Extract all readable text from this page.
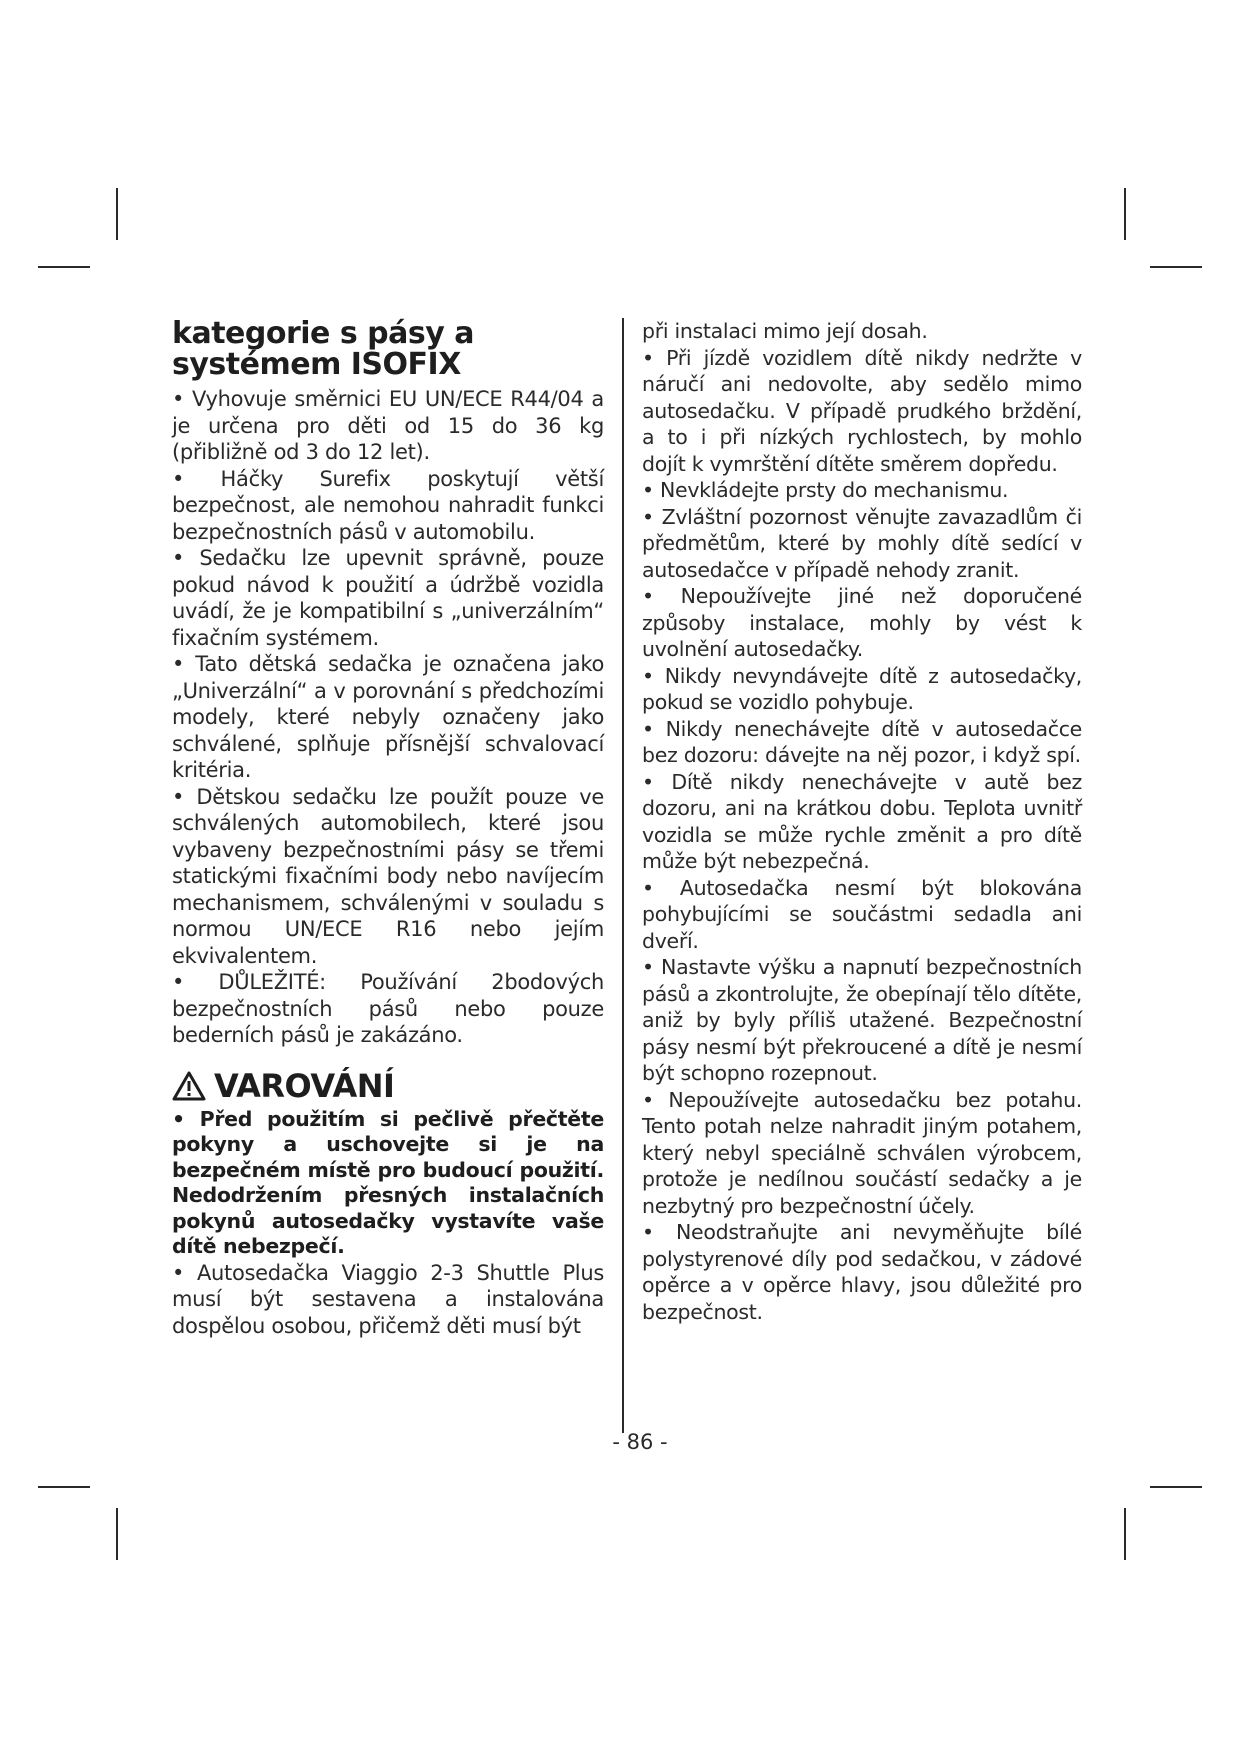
kategorie s pásy a systémem ISOFIX

• Vyhovuje směrnici EU UN/ECE R44/04 a je určena pro děti od 15 do 36 kg (přibližně od 3 do 12 let).

• Háčky Surefix poskytují větší bezpečnost, ale nemohou nahradit funkci bezpečnostních pásů v automobilu.

• Sedačku lze upevnit správně, pouze pokud návod k použití a údržbě vozidla uvádí, že je kompatibilní s „univerzálním“ fixačním systémem.

• Tato dětská sedačka je označena jako „Univerzální“ a v porovnání s předchozími modely, které nebyly označeny jako schválené, splňuje přísnější schvalovací kritéria.

• Dětskou sedačku lze použít pouze ve schválených automobilech, které jsou vybaveny bezpečnostními pásy se třemi statickými fixačními body nebo navíjecím mechanismem, schválenými v souladu s normou UN/ECE R16 nebo jejím ekvivalentem.

• DŮLEŽITÉ: Používání 2bodových bezpečnostních pásů nebo pouze bederních pásů je zakázáno.

VAROVÁNÍ

• Před použitím si pečlivě přečtěte pokyny a uschovejte si je na bezpečném místě pro budoucí použití. Nedodržením přesných instalačních pokynů autosedačky vystavíte vaše dítě nebezpečí.

• Autosedačka Viaggio 2-3 Shuttle Plus musí být sestavena a instalována dospělou osobou, přičemž děti musí být

při instalaci mimo její dosah.

• Při jízdě vozidlem dítě nikdy nedržte v náručí ani nedovolte, aby sedělo mimo autosedačku. V případě prudkého brždění, a to i při nízkých rychlostech, by mohlo dojít k vymrštění dítěte směrem dopředu.

• Nevkládejte prsty do mechanismu.

• Zvláštní pozornost věnujte zavazadlům či předmětům, které by mohly dítě sedící v autosedačce v případě nehody zranit.

• Nepoužívejte jiné než doporučené způsoby instalace, mohly by vést k uvolnění autosedačky.

• Nikdy nevyndávejte dítě z autosedačky, pokud se vozidlo pohybuje.

• Nikdy nenechávejte dítě v autosedačce bez dozoru: dávejte na něj pozor, i když spí.

• Dítě nikdy nenechávejte v autě bez dozoru, ani na krátkou dobu. Teplota uvnitř vozidla se může rychle změnit a pro dítě může být nebezpečná.

• Autosedačka nesmí být blokována pohybujícími se součástmi sedadla ani dveří.

• Nastavte výšku a napnutí bezpečnostních pásů a zkontrolujte, že obepínají tělo dítěte, aniž by byly příliš utažené. Bezpečnostní pásy nesmí být překroucené a dítě je nesmí být schopno rozepnout.

• Nepoužívejte autosedačku bez potahu. Tento potah nelze nahradit jiným potahem, který nebyl speciálně schválen výrobcem, protože je nedílnou součástí sedačky a je nezbytný pro bezpečnostní účely.

• Neodstraňujte ani nevyměňujte bílé polystyrenové díly pod sedačkou, v zádové opěrce a v opěrce hlavy, jsou důležité pro bezpečnost.

- 86 -
